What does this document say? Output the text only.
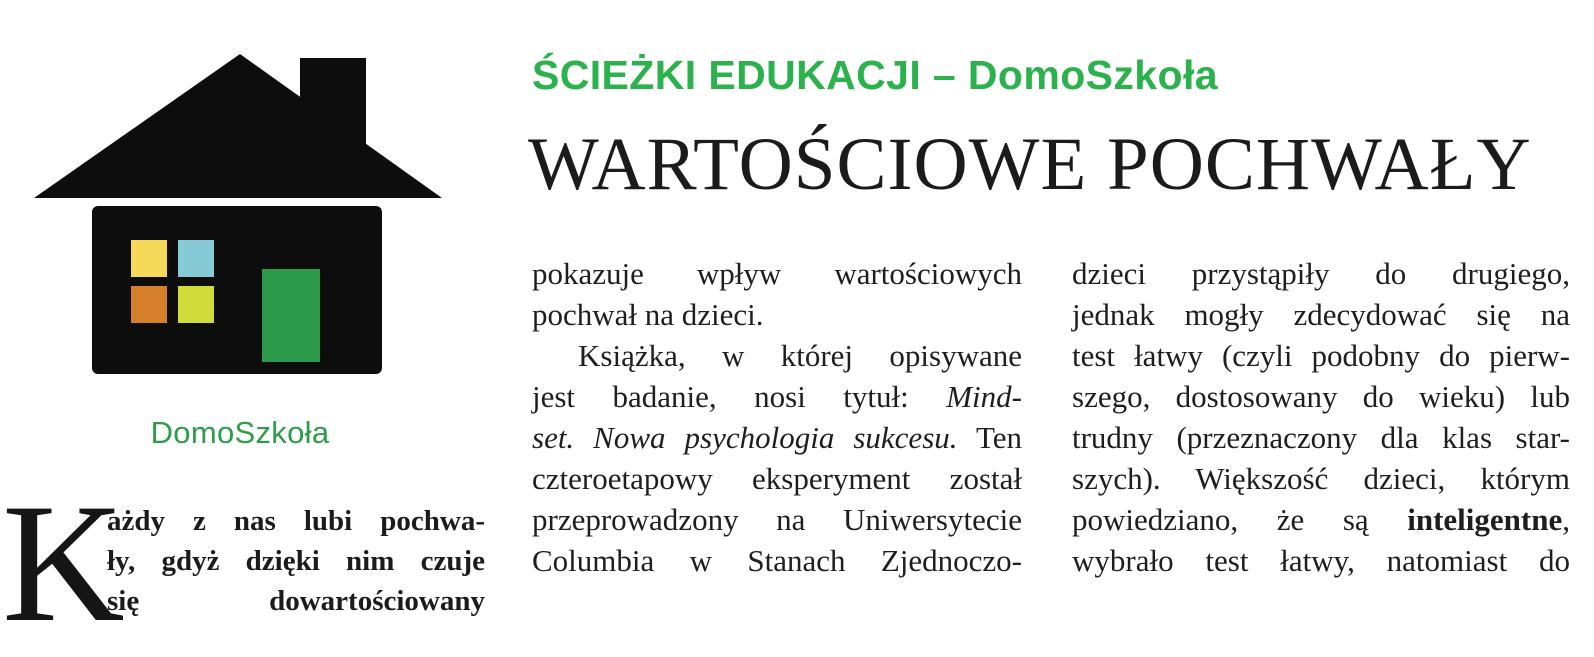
DomoSzkoła
ŚCIEŻKI EDUKACJI – DomoSzkoła
WARTOŚCIOWE POCHWAŁY
K
ażdy z nas lubi pochwa-
ły, gdyż dzięki nim czuje
się dowartościowany
pokazuje wpływ wartościowych
pochwał na dzieci.
Książka, w której opisywane
jest badanie, nosi tytuł: Mind-
set. Nowa psychologia sukcesu. Ten
czteroetapowy eksperyment został
przeprowadzony na Uniwersytecie
Columbia w Stanach Zjednoczo-
dzieci przystąpiły do drugiego,
jednak mogły zdecydować się na
test łatwy (czyli podobny do pierw-
szego, dostosowany do wieku) lub
trudny (przeznaczony dla klas star-
szych). Większość dzieci, którym
powiedziano, że są inteligentne,
wybrało test łatwy, natomiast do
